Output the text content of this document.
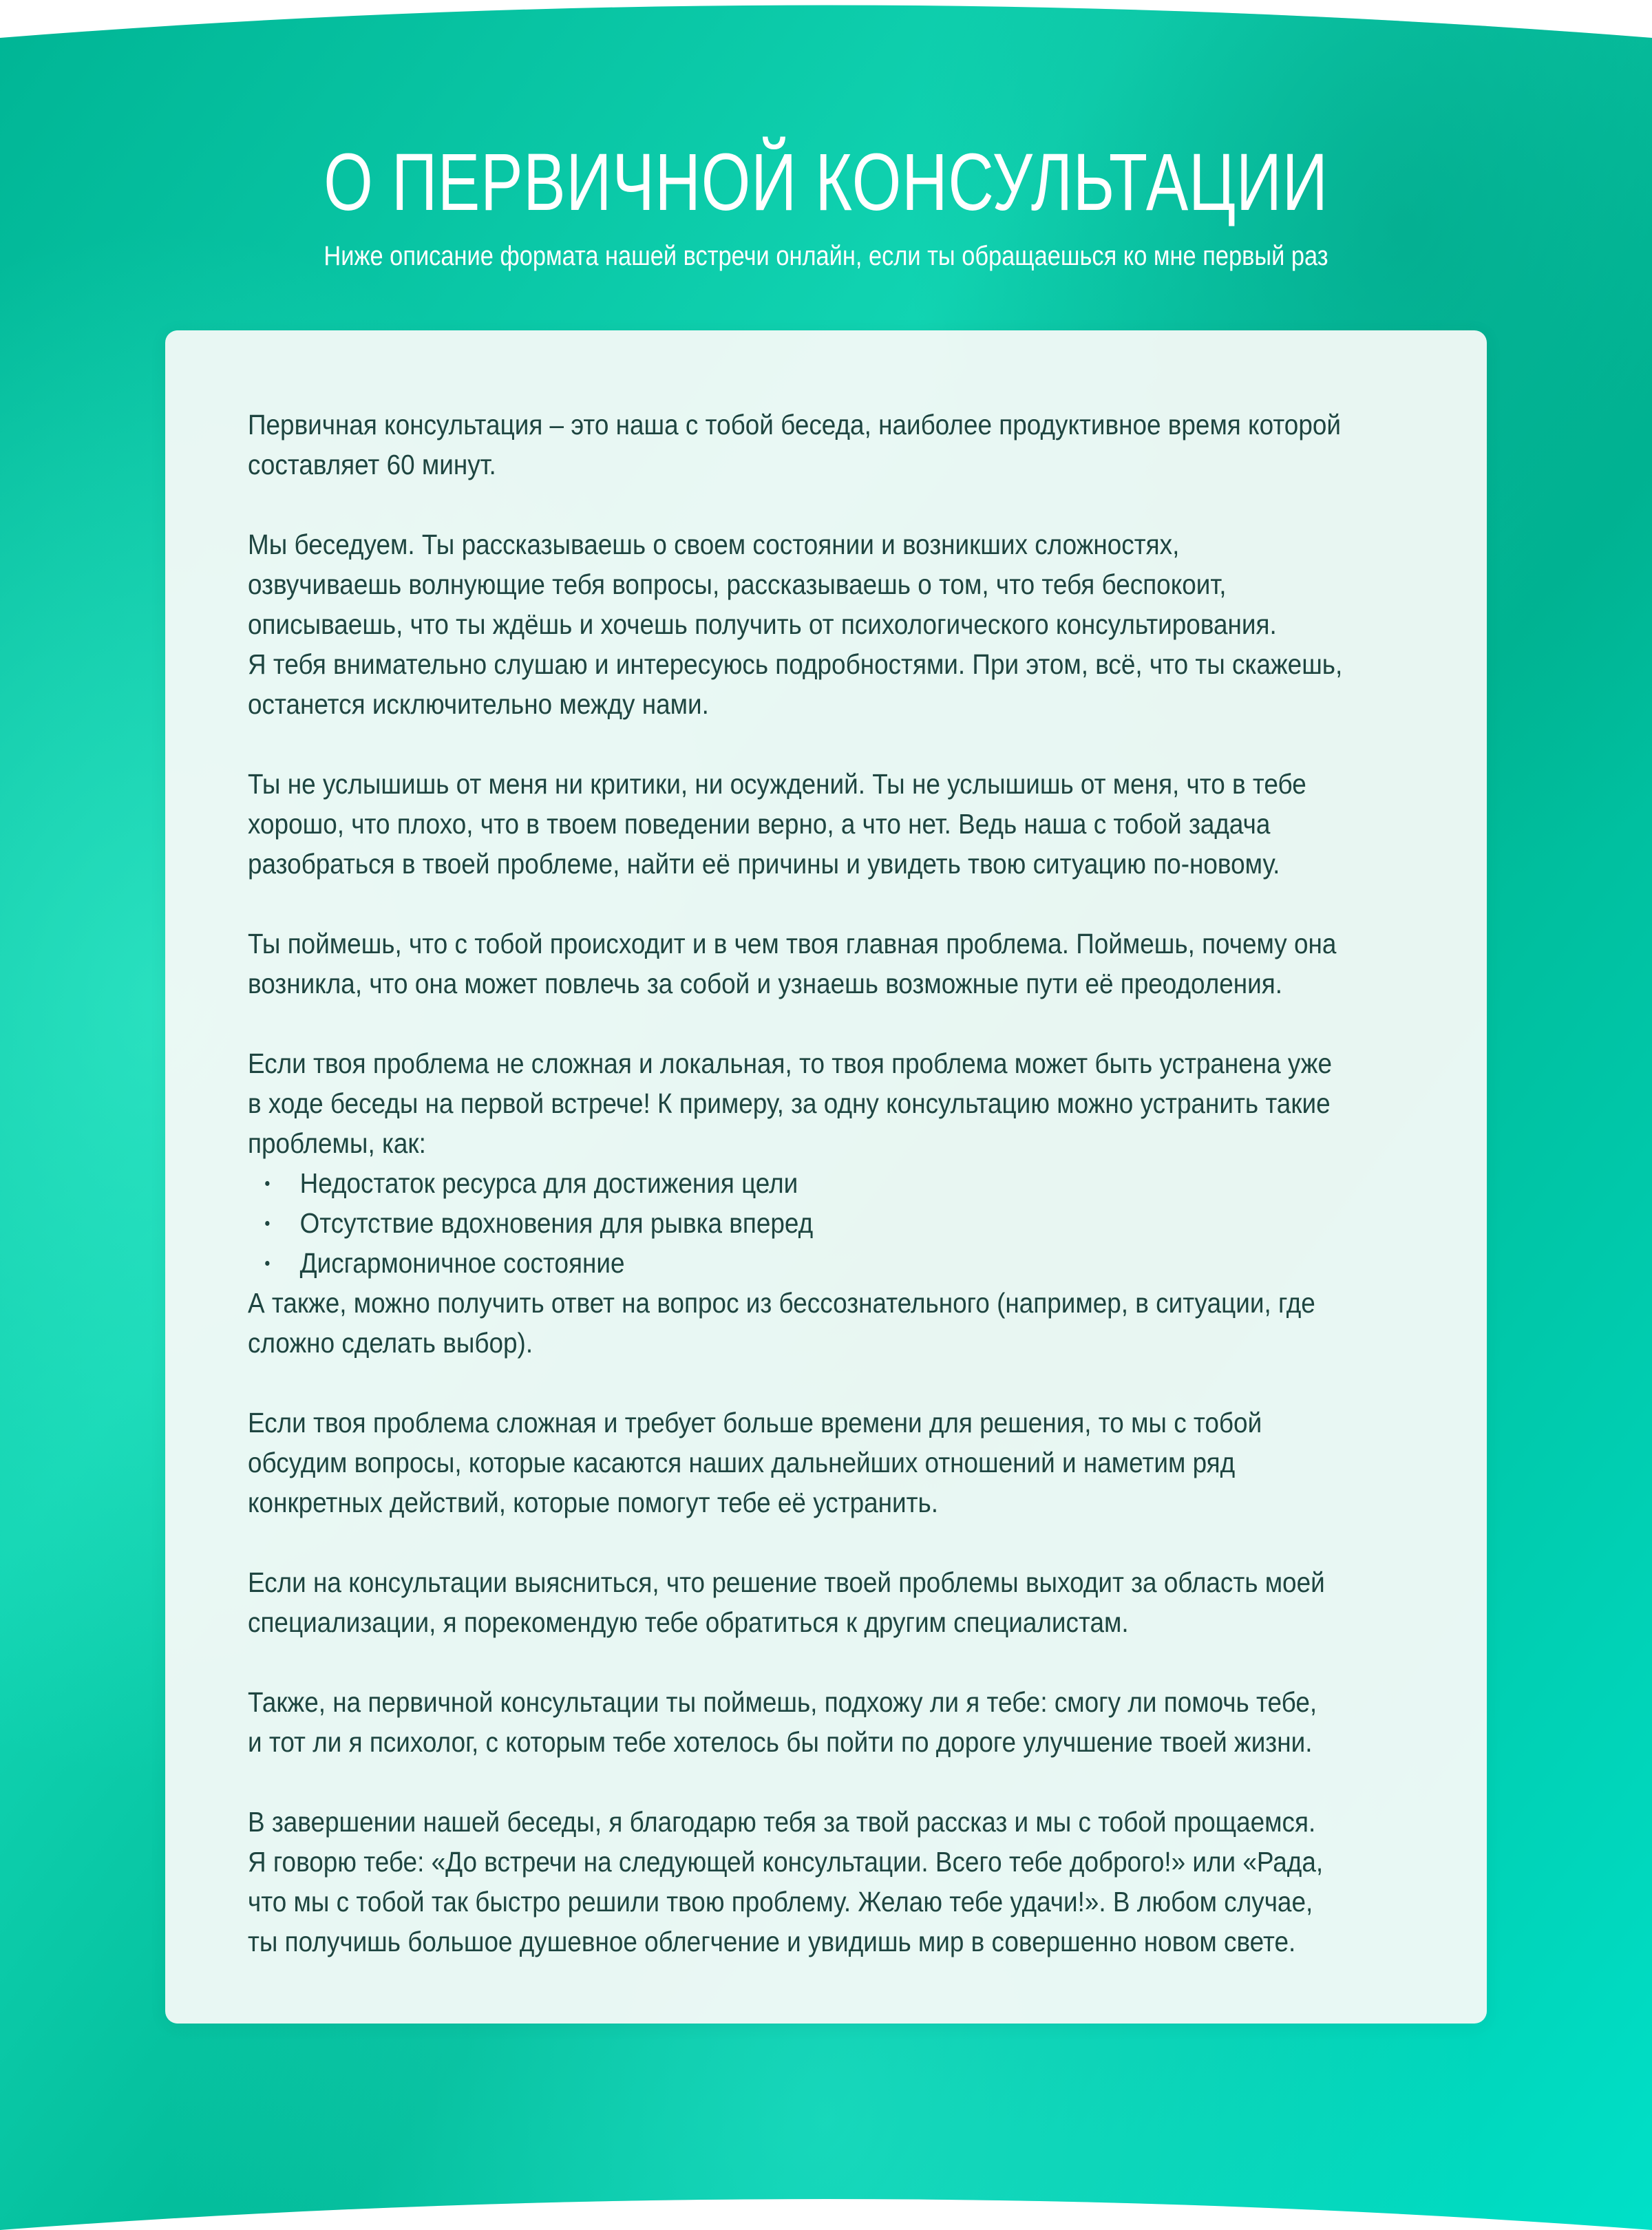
О ПЕРВИЧНОЙ КОНСУЛЬТАЦИИ
Ниже описание формата нашей встречи онлайн, если ты обращаешься ко мне первый раз

Первичная консультация – это наша с тобой беседа, наиболее продуктивное время которой
составляет 60 минут.

Мы беседуем. Ты рассказываешь о своем состоянии и возникших сложностях,
озвучиваешь волнующие тебя вопросы, рассказываешь о том, что тебя беспокоит,
описываешь, что ты ждёшь и хочешь получить от психологического консультирования.
Я тебя внимательно слушаю и интересуюсь подробностями. При этом, всё, что ты скажешь,
останется исключительно между нами.

Ты не услышишь от меня ни критики, ни осуждений. Ты не услышишь от меня, что в тебе
хорошо, что плохо, что в твоем поведении верно, а что нет. Ведь наша с тобой задача
разобраться в твоей проблеме, найти её причины и увидеть твою ситуацию по-новому.

Ты поймешь, что с тобой происходит и в чем твоя главная проблема. Поймешь, почему она
возникла, что она может повлечь за собой и узнаешь возможные пути её преодоления.

Если твоя проблема не сложная и локальная, то твоя проблема может быть устранена уже
в ходе беседы на первой встрече! К примеру, за одну консультацию можно устранить такие
проблемы, как:

Недостаток ресурса для достижения цели
Отсутствие вдохновения для рывка вперед
Дисгармоничное состояние

А также, можно получить ответ на вопрос из бессознательного (например, в ситуации, где
сложно сделать выбор).

Если твоя проблема сложная и требует больше времени для решения, то мы с тобой
обсудим вопросы, которые касаются наших дальнейших отношений и наметим ряд
конкретных действий, которые помогут тебе её устранить.

Если на консультации выясниться, что решение твоей проблемы выходит за область моей
специализации, я порекомендую тебе обратиться к другим специалистам.

Также, на первичной консультации ты поймешь, подхожу ли я тебе: смогу ли помочь тебе,
и тот ли я психолог, с которым тебе хотелось бы пойти по дороге улучшение твоей жизни.

В завершении нашей беседы, я благодарю тебя за твой рассказ и мы с тобой прощаемся.
Я говорю тебе: «До встречи на следующей консультации. Всего тебе доброго!» или «Рада,
что мы с тобой так быстро решили твою проблему. Желаю тебе удачи!». В любом случае,
ты получишь большое душевное облегчение и увидишь мир в совершенно новом свете.
